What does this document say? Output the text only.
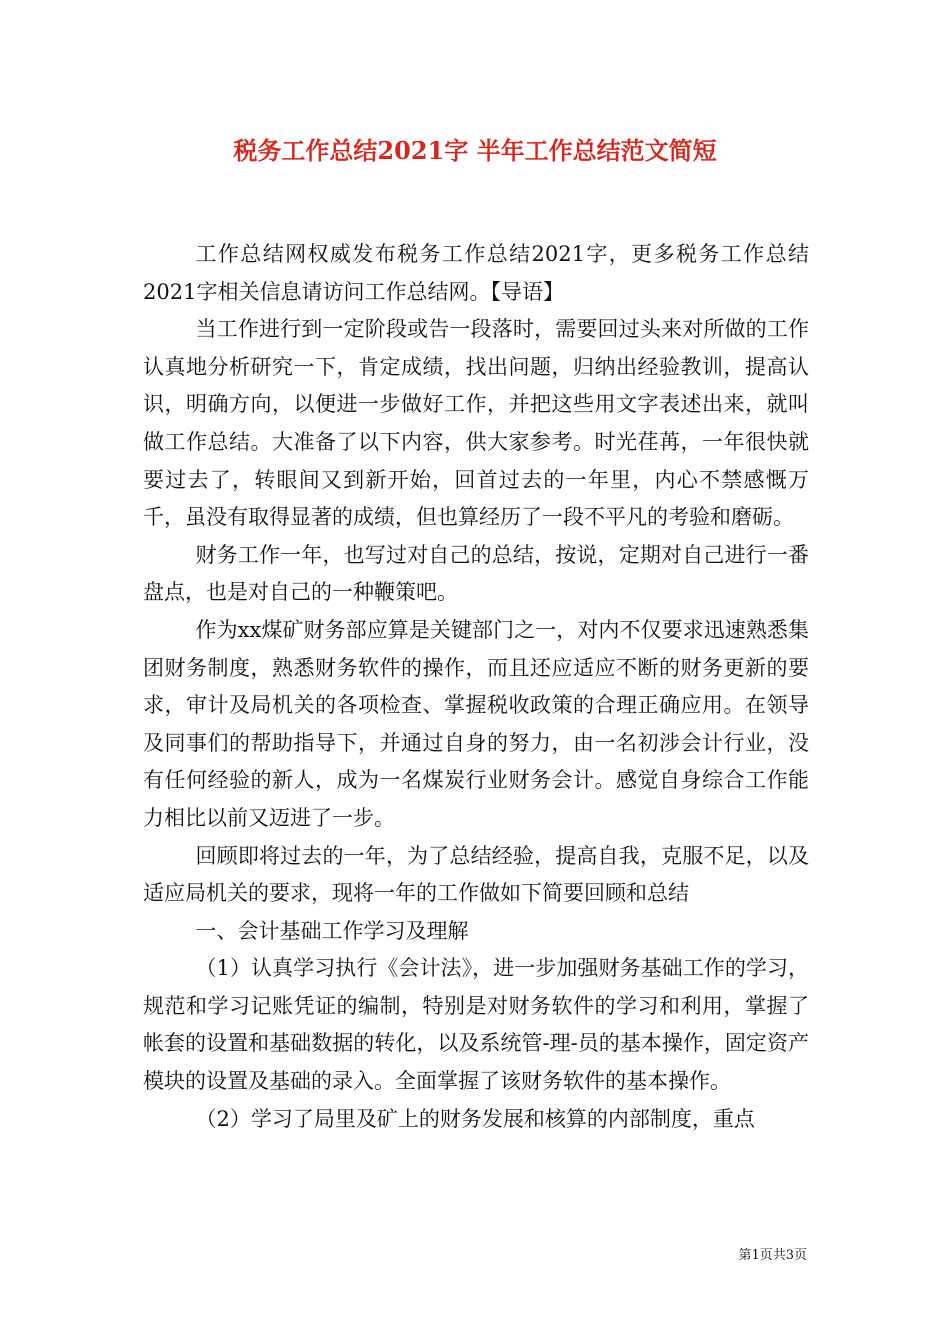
税务工作总结2021字 半年工作总结范文简短

工作总结网权威发布税务工作总结2021字，更多税务工作总结2021字相关信息请访问工作总结网。【导语】

当工作进行到一定阶段或告一段落时，需要回过头来对所做的工作认真地分析研究一下，肯定成绩，找出问题，归纳出经验教训，提高认识，明确方向，以便进一步做好工作，并把这些用文字表述出来，就叫做工作总结。大准备了以下内容，供大家参考。时光荏苒，一年很快就要过去了，转眼间又到新开始，回首过去的一年里，内心不禁感慨万千，虽没有取得显著的成绩，但也算经历了一段不平凡的考验和磨砺。

财务工作一年，也写过对自己的总结，按说，定期对自己进行一番盘点，也是对自己的一种鞭策吧。

作为xx煤矿财务部应算是关键部门之一，对内不仅要求迅速熟悉集团财务制度，熟悉财务软件的操作，而且还应适应不断的财务更新的要求，审计及局机关的各项检查、掌握税收政策的合理正确应用。在领导及同事们的帮助指导下，并通过自身的努力，由一名初涉会计行业，没有任何经验的新人，成为一名煤炭行业财务会计。感觉自身综合工作能力相比以前又迈进了一步。

回顾即将过去的一年，为了总结经验，提高自我，克服不足，以及适应局机关的要求，现将一年的工作做如下简要回顾和总结

一、会计基础工作学习及理解

（1）认真学习执行《会计法》，进一步加强财务基础工作的学习，规范和学习记账凭证的编制，特别是对财务软件的学习和利用，掌握了帐套的设置和基础数据的转化，以及系统管-理-员的基本操作，固定资产模块的设置及基础的录入。全面掌握了该财务软件的基本操作。

（2）学习了局里及矿上的财务发展和核算的内部制度，重点

第1页共3页
